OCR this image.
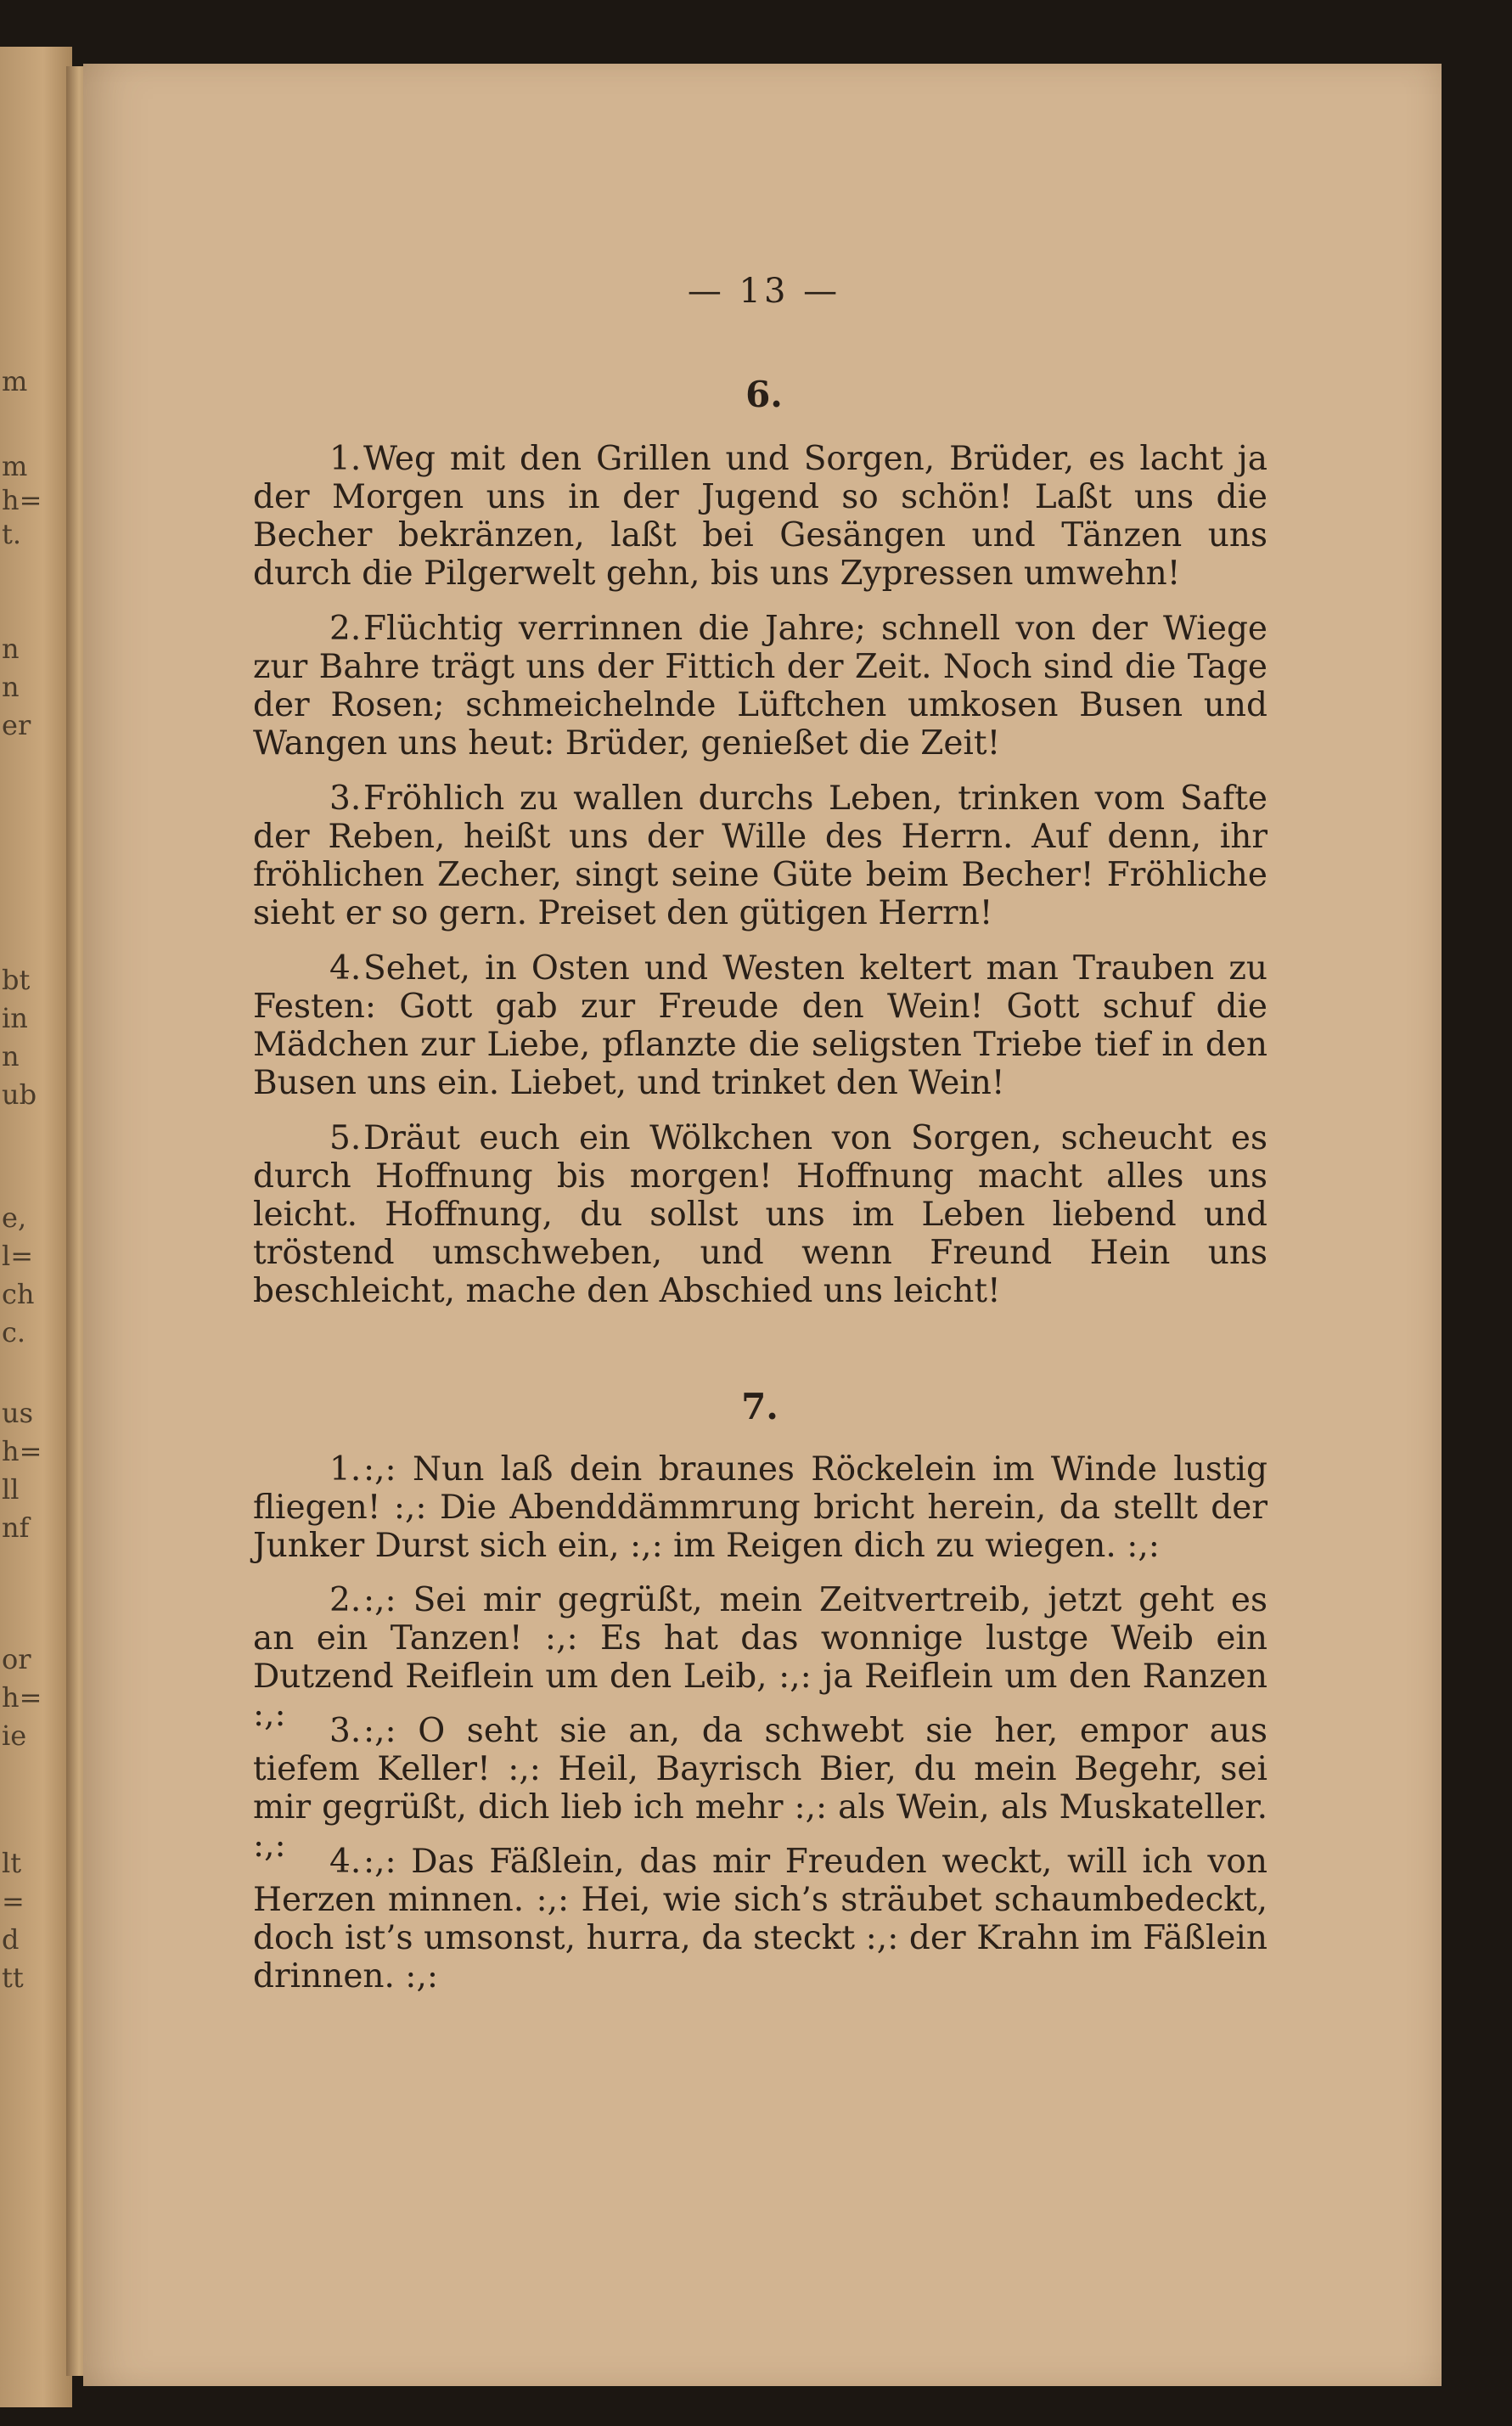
m
m
h=
t.
n
n
er
bt
in
n
ub
e,
l=
ch
c.
us
h=
ll
nf
or
h=
ie
lt
=
d
tt
— 13 —
6.
1.Weg mit den Grillen und Sorgen, Brüder, es lacht ja der Morgen uns in der Jugend so schön! Laßt uns die Becher bekränzen, laßt bei Gesängen und Tänzen uns durch die Pilgerwelt gehn, bis uns Zypressen umwehn!
2.Flüchtig verrinnen die Jahre; schnell von der Wiege zur Bahre trägt uns der Fittich der Zeit. Noch sind die Tage der Rosen; schmeichelnde Lüftchen umkosen Busen und Wangen uns heut: Brüder, genießet die Zeit!
3.Fröhlich zu wallen durchs Leben, trinken vom Safte der Reben, heißt uns der Wille des Herrn. Auf denn, ihr fröhlichen Zecher, singt seine Güte beim Becher! Fröhliche sieht er so gern. Preiset den gütigen Herrn!
4.Sehet, in Osten und Westen keltert man Trauben zu Festen: Gott gab zur Freude den Wein! Gott schuf die Mädchen zur Liebe, pflanzte die seligsten Triebe tief in den Busen uns ein. Liebet, und trinket den Wein!
5.Dräut euch ein Wölkchen von Sorgen, scheucht es durch Hoffnung bis morgen! Hoffnung macht alles uns leicht. Hoffnung, du sollst uns im Leben liebend und tröstend umschweben, und wenn Freund Hein uns beschleicht, mache den Abschied uns leicht!
7.
1.:,: Nun laß dein braunes Röckelein im Winde lustig fliegen! :,: Die Abenddämmrung bricht herein, da stellt der Junker Durst sich ein, :,: im Reigen dich zu wiegen. :,:
2.:,: Sei mir gegrüßt, mein Zeitvertreib, jetzt geht es an ein Tanzen! :,: Es hat das wonnige lustge Weib ein Dutzend Reiflein um den Leib, :,: ja Reiflein um den Ranzen :,:	3.:,: O seht sie an, da schwebt sie her, empor aus tiefem Keller! :,: Heil, Bayrisch Bier, du mein Begehr, sei mir gegrüßt, dich lieb ich mehr :,: als Wein, als Muskateller. :,:	4.:,: Das Fäßlein, das mir Freuden weckt, will ich von Herzen minnen. :,: Hei, wie sich’s sträubet schaumbedeckt, doch ist’s umsonst, hurra, da steckt :,: der Krahn im Fäßlein drinnen. :,:
